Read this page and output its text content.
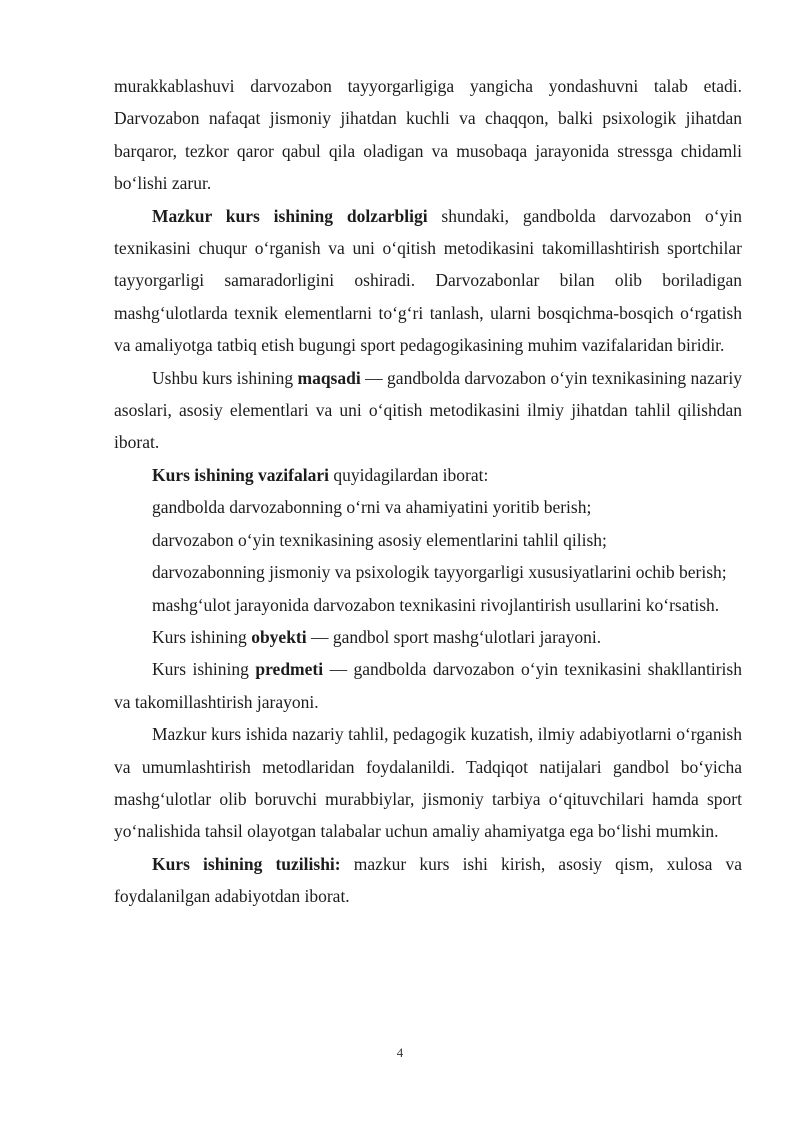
murakkablashuvi darvozabon tayyorgarligiga yangicha yondashuvni talab etadi. Darvozabon nafaqat jismoniy jihatdan kuchli va chaqqon, balki psixologik jihatdan barqaror, tezkor qaror qabul qila oladigan va musobaqa jarayonida stressga chidamli bo‘lishi zarur.

Mazkur kurs ishining dolzarbligi shundaki, gandbolda darvozabon o‘yin texnikasini chuqur o‘rganish va uni o‘qitish metodikasini takomillashtirish sportchilar tayyorgarligi samaradorligini oshiradi. Darvozabonlar bilan olib boriladigan mashg‘ulotlarda texnik elementlarni to‘g‘ri tanlash, ularni bosqichma-bosqich o‘rgatish va amaliyotga tatbiq etish bugungi sport pedagogikasining muhim vazifalaridan biridir.

Ushbu kurs ishining maqsadi — gandbolda darvozabon o‘yin texnikasining nazariy asoslari, asosiy elementlari va uni o‘qitish metodikasini ilmiy jihatdan tahlil qilishdan iborat.

Kurs ishining vazifalari quyidagilardan iborat:

gandbolda darvozabonning o‘rni va ahamiyatini yoritib berish;

darvozabon o‘yin texnikasining asosiy elementlarini tahlil qilish;

darvozabonning jismoniy va psixologik tayyorgarligi xususiyatlarini ochib berish;

mashg‘ulot jarayonida darvozabon texnikasini rivojlantirish usullarini ko‘rsatish.

Kurs ishining obyekti — gandbol sport mashg‘ulotlari jarayoni.

Kurs ishining predmeti — gandbolda darvozabon o‘yin texnikasini shakllantirish va takomillashtirish jarayoni.

Mazkur kurs ishida nazariy tahlil, pedagogik kuzatish, ilmiy adabiyotlarni o‘rganish va umumlashtirish metodlaridan foydalanildi. Tadqiqot natijalari gandbol bo‘yicha mashg‘ulotlar olib boruvchi murabbiylar, jismoniy tarbiya o‘qituvchilari hamda sport yo‘nalishida tahsil olayotgan talabalar uchun amaliy ahamiyatga ega bo‘lishi mumkin.

Kurs ishining tuzilishi: mazkur kurs ishi kirish, asosiy qism, xulosa va foydalanilgan adabiyotdan iborat.

4
